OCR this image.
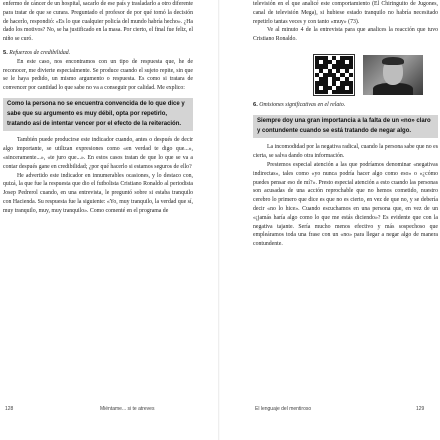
enfermo de cáncer de un hospital, sacarlo de ese país y trasladarlo a otro diferente para tratar de que se curara. Preguntado el profesor de por qué tomó la decisión de hacerlo, respondió: «Es lo que cualquier policía del mundo habría hecho». ¿Ha dado los motivos? No, se ha justificado en la masa. Por cierto, el final fue feliz, el niño se curó.

5. Refuerzos de credibilidad.

En este caso, nos encontramos con un tipo de respuesta que, he de reconocer, me divierte especialmente. Se produce cuando el sujeto repite, sin que se le haya pedido, un mismo argumento o respuesta. Es como si tratara de convencer por cantidad lo que sabe no va a conseguir por calidad. Me explico:

Como la persona no se encuentra convencida de lo que dice y sabe que su argumento es muy débil, opta por repetirlo, tratando así de intentar vencer por el efecto de la reiteración.

También puede producirse este indicador cuando, antes o después de decir algo importante, se utilizan expresiones como «en verdad te digo que...», «sinceramente...», «te juro que...». En estos casos tratan de que lo que se va a contar después gane en credibilidad; ¿por qué hacerlo si estamos seguros de ello?

He advertido este indicador en innumerables ocasiones, y lo destaco con, quizá, la que fue la respuesta que dio el futbolista Cristiano Ronaldo al periodista Josep Pedrerol cuando, en una entrevista, le preguntó sobre si estaba tranquilo con Hacienda. Su respuesta fue la siguiente: «Yo, muy tranquilo, la verdad que sí, muy tranquilo, muy, muy tranquilo». Como comenté en el programa de

128	Miéntame... si te atreves

televisión en el que analicé este comportamiento (El Chiringuito de Jugones, canal de televisión Mega), si hubiese estado tranquilo no habría necesitado repetirlo tantas veces y con tanto «muy» (73).

Ve al minuto 4 de la entrevista para que analices la reacción que tuvo Cristiano Ronaldo.

6. Omisiones significativas en el relato.

Siempre doy una gran importancia a la falta de un «no» claro y contundente cuando se está tratando de negar algo.

La incomodidad por la negativa radical, cuando la persona sabe que no es cierta, se salva dando otra información.

Prestemos especial atención a las que podríamos denominar «negativas indirectas», tales como «yo nunca podría hacer algo como eso» o «¿cómo puedes pensar eso de mí?». Presto especial atención a esto cuando las personas son acusadas de una acción reprochable que no hemos cometido, nuestro cerebro lo primero que dice es que no es cierto, en vez de que no, y se debería decir «no lo hice». Cuando escuchamos en una persona que, en vez de un «¡jamás haría algo como lo que me estás diciendo»? Es evidente que con la negativa tajante. Sería mucho menos efectivo y más sospechoso que empleáramos toda una frase con un «no» para llegar a negar algo de manera contundente.

El lenguaje del mentiroso	129
